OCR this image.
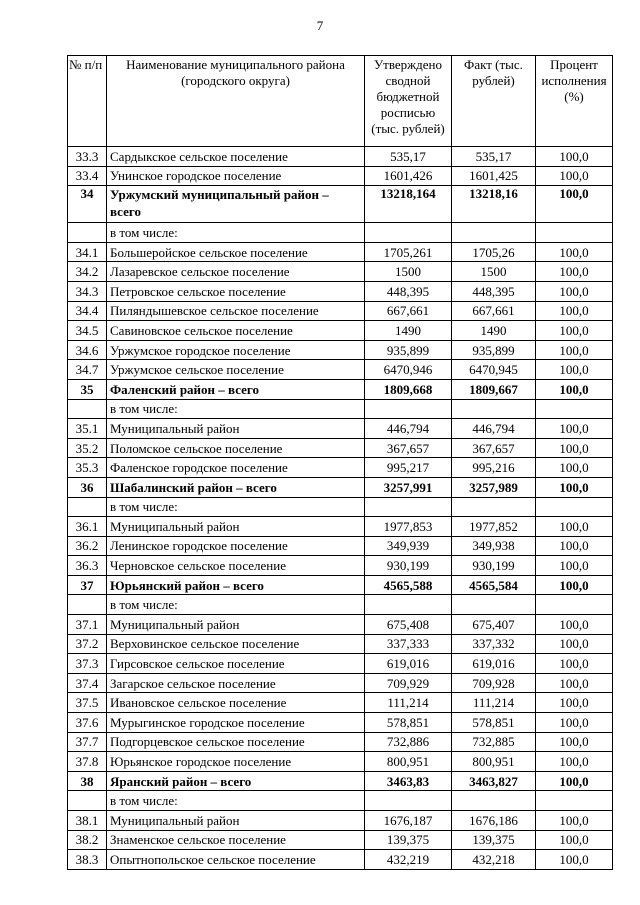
7
№ п/п	Наименование муниципального района (городского округа)	Утверждено сводной бюджетной росписью (тыс. рублей)	Факт (тыс. рублей)	Процент исполнения (%)
33.3	Сардыкское сельское поселение	535,17	535,17	100,0
33.4	Унинское городское поселение	1601,426	1601,425	100,0
34	Уржумский муниципальный район – всего	13218,164	13218,16	100,0
	в том числе:			
34.1	Большеройское сельское поселение	1705,261	1705,26	100,0
34.2	Лазаревское сельское поселение	1500	1500	100,0
34.3	Петровское сельское поселение	448,395	448,395	100,0
34.4	Пиляндышевское сельское поселение	667,661	667,661	100,0
34.5	Савиновское сельское поселение	1490	1490	100,0
34.6	Уржумское городское поселение	935,899	935,899	100,0
34.7	Уржумское сельское поселение	6470,946	6470,945	100,0
35	Фаленский район – всего	1809,668	1809,667	100,0
	в том числе:			
35.1	Муниципальный район	446,794	446,794	100,0
35.2	Поломское сельское поселение	367,657	367,657	100,0
35.3	Фаленское городское поселение	995,217	995,216	100,0
36	Шабалинский район – всего	3257,991	3257,989	100,0
	в том числе:			
36.1	Муниципальный район	1977,853	1977,852	100,0
36.2	Ленинское городское поселение	349,939	349,938	100,0
36.3	Черновское сельское поселение	930,199	930,199	100,0
37	Юрьянский район – всего	4565,588	4565,584	100,0
	в том числе:			
37.1	Муниципальный район	675,408	675,407	100,0
37.2	Верховинское сельское поселение	337,333	337,332	100,0
37.3	Гирсовское сельское поселение	619,016	619,016	100,0
37.4	Загарское сельское поселение	709,929	709,928	100,0
37.5	Ивановское сельское поселение	111,214	111,214	100,0
37.6	Мурыгинское городское поселение	578,851	578,851	100,0
37.7	Подгорцевское сельское поселение	732,886	732,885	100,0
37.8	Юрьянское городское поселение	800,951	800,951	100,0
38	Яранский район – всего	3463,83	3463,827	100,0
	в том числе:			
38.1	Муниципальный район	1676,187	1676,186	100,0
38.2	Знаменское сельское поселение	139,375	139,375	100,0
38.3	Опытнопольское сельское поселение	432,219	432,218	100,0
